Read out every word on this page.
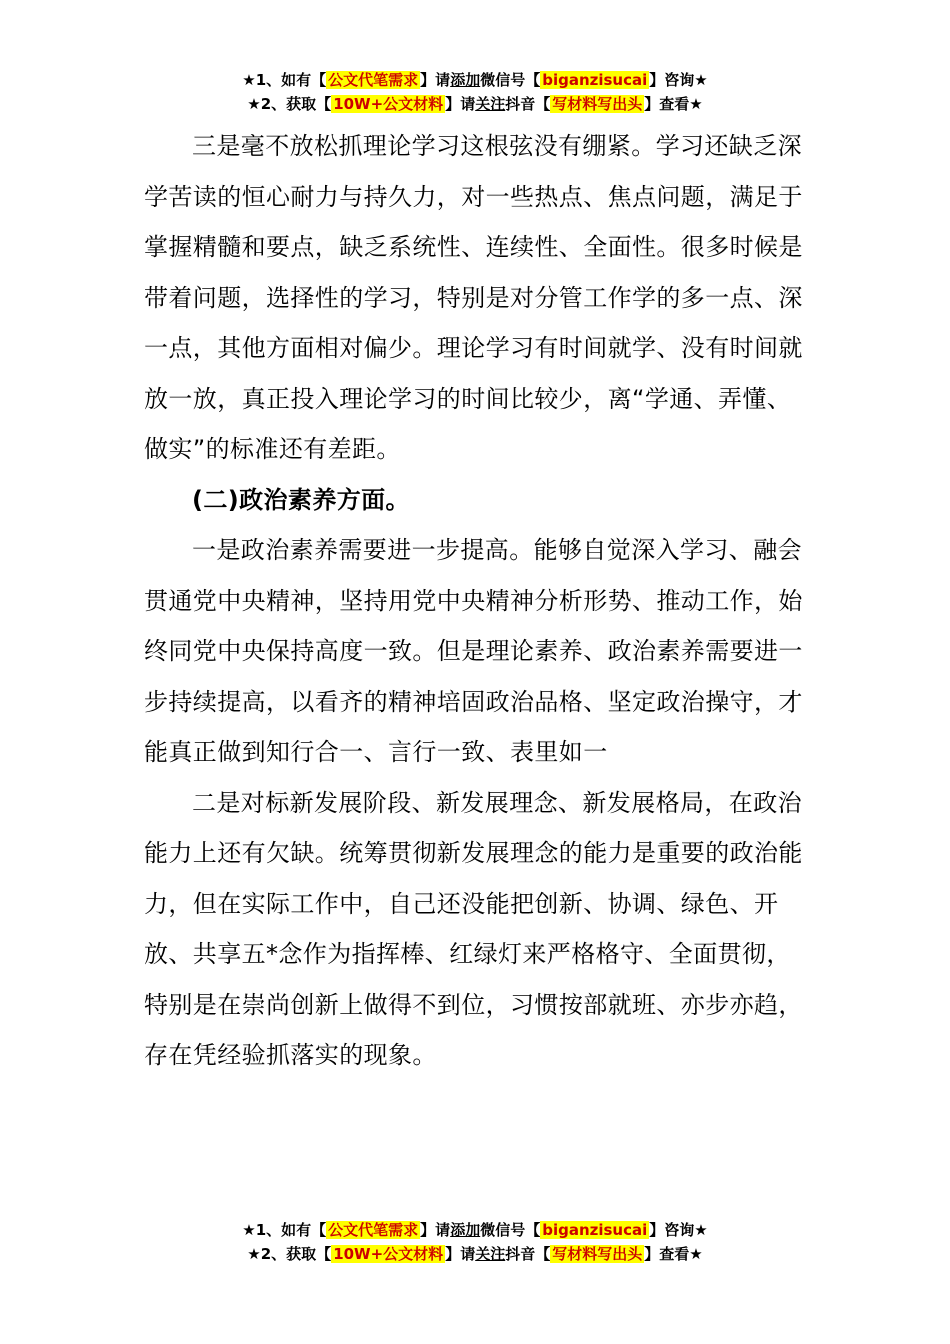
★1、如有【 公文代笔需求 】请添加微信号【 biganzisucai 】咨询★
★2、获取【 10W+公文材料 】请关注抖音【 写材料写出头 】查看★

三是毫不放松抓理论学习这根弦没有绷紧。学习还缺乏深学苦读的恒心耐力与持久力，对一些热点、焦点问题，满足于掌握精髓和要点，缺乏系统性、连续性、全面性。很多时候是带着问题，选择性的学习，特别是对分管工作学的多一点、深一点，其他方面相对偏少。理论学习有时间就学、没有时间就放一放，真正投入理论学习的时间比较少，离“学通、弄懂、做实”的标准还有差距。

(二)政治素养方面。

一是政治素养需要进一步提高。能够自觉深入学习、融会贯通党中央精神，坚持用党中央精神分析形势、推动工作，始终同党中央保持高度一致。但是理论素养、政治素养需要进一步持续提高，以看齐的精神培固政治品格、坚定政治操守，才能真正做到知行合一、言行一致、表里如一

二是对标新发展阶段、新发展理念、新发展格局，在政治能力上还有欠缺。统筹贯彻新发展理念的能力是重要的政治能力，但在实际工作中，自己还没能把创新、协调、绿色、开放、共享五*念作为指挥棒、红绿灯来严格格守、全面贯彻，特别是在崇尚创新上做得不到位，习惯按部就班、亦步亦趋，存在凭经验抓落实的现象。

★1、如有【 公文代笔需求 】请添加微信号【 biganzisucai 】咨询★
★2、获取【 10W+公文材料 】请关注抖音【 写材料写出头 】查看★
